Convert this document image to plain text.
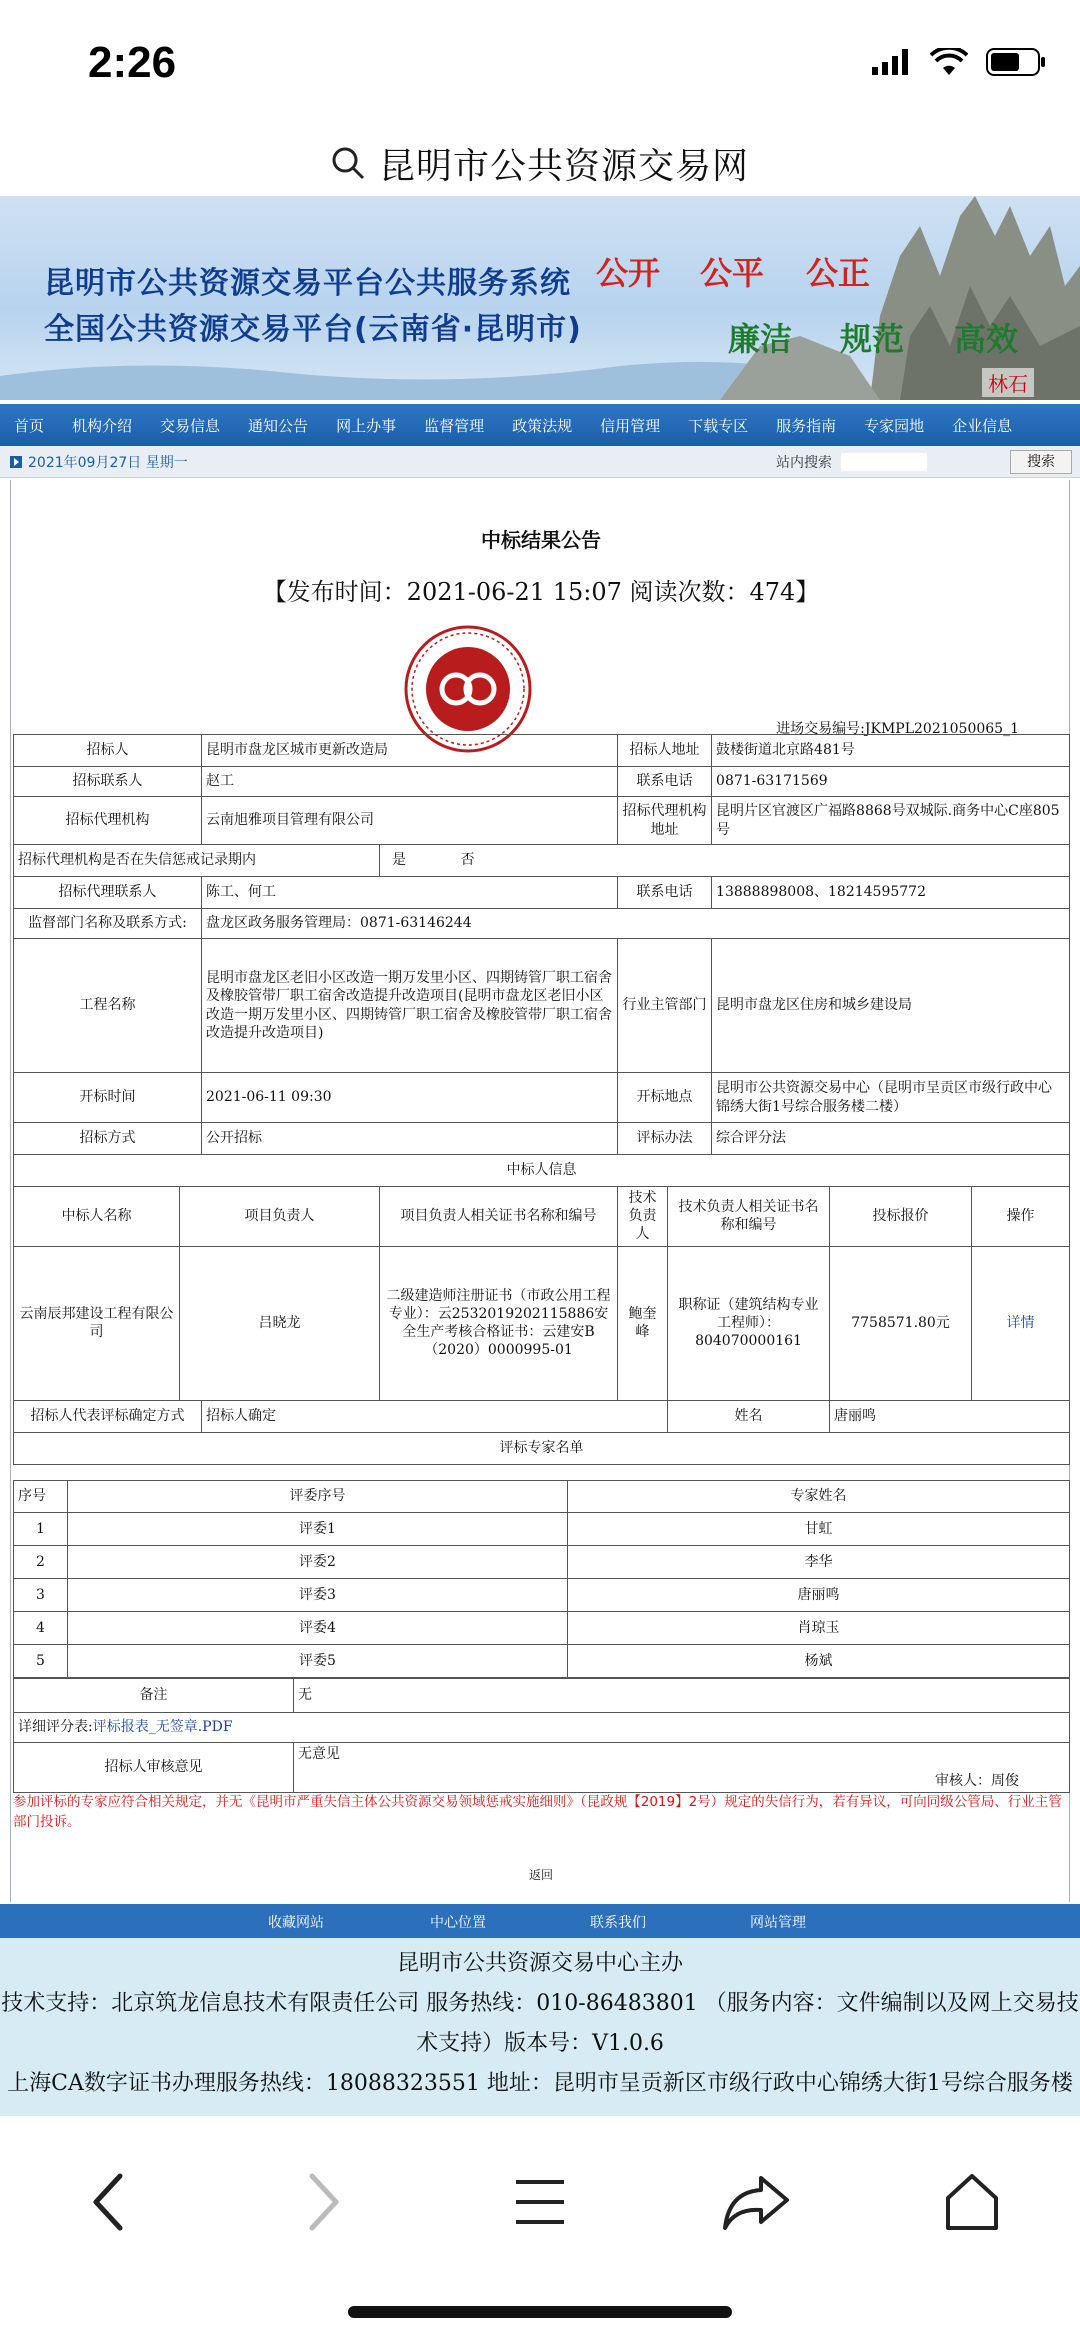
2:26
昆明市公共资源交易网
昆明市公共资源交易平台公共服务系统
全国公共资源交易平台(云南省·昆明市)
公开 公平 公正
廉洁 规范 高效
林石
首页	机构介绍	交易信息	通知公告	网上办事	监督管理	政策法规	信用管理	下载专区	服务指南	专家园地	企业信息
2021年09月27日 星期一	站内搜索	搜索
中标结果公告
【发布时间：2021-06-21 15:07 阅读次数：474】
进场交易编号:JKMPL2021050065_1
招标人		昆明市盘龙区城市更新改造局		招标人地址		鼓楼街道北京路481号		
招标联系人		赵工		联系电话		0871-63171569		
招标代理机构		云南旭雅项目管理有限公司		招标代理机构地址		昆明片区官渡区广福路8868号双城际.商务中心C座805号		
招标代理机构是否在失信惩戒记录期内			是 否					
招标代理联系人		陈工、何工		联系电话		13888898008、18214595772		
监督部门名称及联系方式:		盘龙区政务服务管理局：0871-63146244						
工程名称		昆明市盘龙区老旧小区改造一期万发里小区、四期铸管厂职工宿舍及橡胶管带厂职工宿舍改造提升改造项目(昆明市盘龙区老旧小区改造一期万发里小区、四期铸管厂职工宿舍及橡胶管带厂职工宿舍改造提升改造项目)		行业主管部门		昆明市盘龙区住房和城乡建设局		
开标时间		2021-06-11 09:30		开标地点		昆明市公共资源交易中心（昆明市呈贡区市级行政中心锦绣大街1号综合服务楼二楼）		
招标方式		公开招标		评标办法		综合评分法		
中标人信息								
中标人名称	项目负责人		项目负责人相关证书名称和编号	技术负责人	技术负责人相关证书名称和编号		投标报价	操作
云南辰邦建设工程有限公司	吕晓龙		二级建造师注册证书（市政公用工程专业）：云2532019202115886安全生产考核合格证书：云建安B（2020）0000995-01	鲍奎峰	职称证（建筑结构专业工程师）：804070000161		7758571.80元	详情
招标人代表评标确定方式		招标人确定			姓名		唐丽鸣	
评标专家名单								
序号	评委序号	专家姓名
1	评委1	甘虹
2	评委2	李华
3	评委3	唐丽鸣
4	评委4	肖琼玉
5	评委5	杨斌
备注	无
详细评分表:评标报表_无签章.PDF	
招标人审核意见	无意见
审核人：周俊
参加评标的专家应符合相关规定，并无《昆明市严重失信主体公共资源交易领域惩戒实施细则》（昆政规【2019】2号）规定的失信行为，若有异议，可向同级公管局、行业主管部门投诉。
返回
收藏网站	中心位置	联系我们	网站管理
昆明市公共资源交易中心主办
技术支持：北京筑龙信息技术有限责任公司 服务热线：010-86483801 （服务内容：文件编制以及网上交易技术支持）版本号：V1.0.6
上海CA数字证书办理服务热线：18088323551 地址：昆明市呈贡新区市级行政中心锦绣大街1号综合服务楼
